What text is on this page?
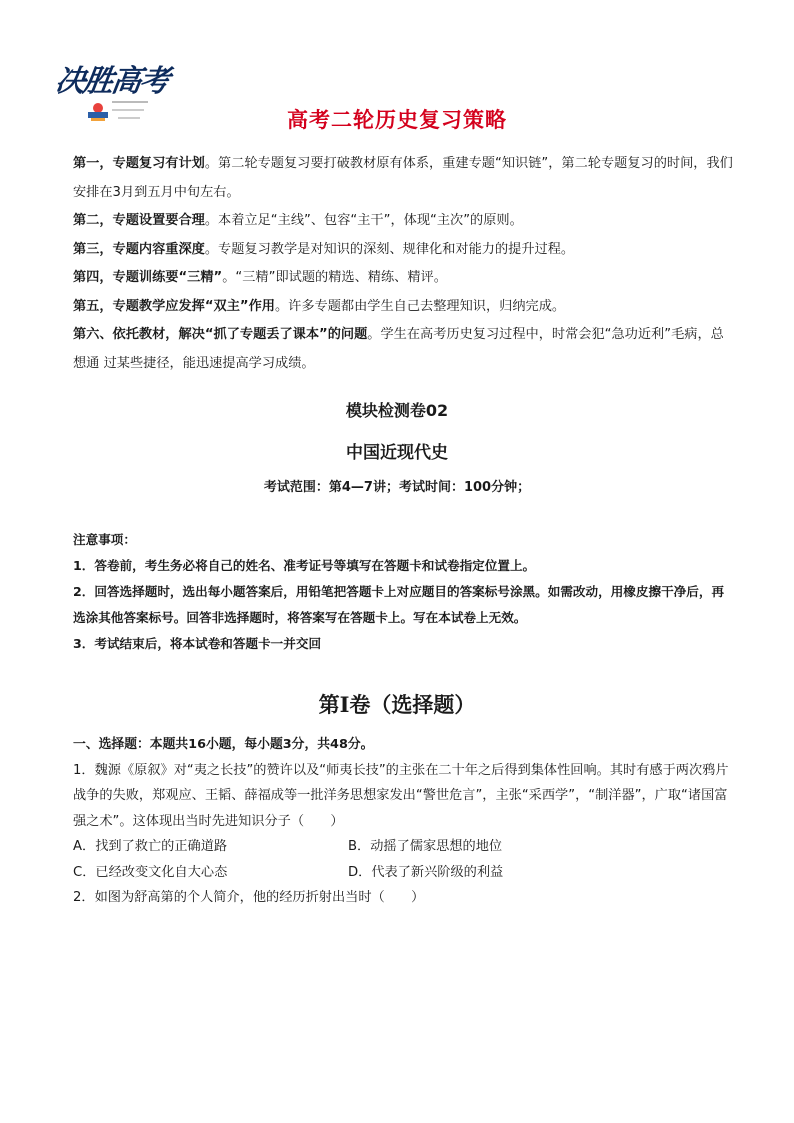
决胜高考
高考二轮历史复习策略

第一，专题复习有计划。第二轮专题复习要打破教材原有体系，重建专题“知识链”，第二轮专题复习的时间，我们安排在3月到五月中旬左右。

第二，专题设置要合理。本着立足“主线”、包容“主干”，体现“主次”的原则。

第三，专题内容重深度。专题复习教学是对知识的深刻、规律化和对能力的提升过程。

第四，专题训练要“三精”。“三精”即试题的精选、精练、精评。

第五，专题教学应发挥“双主”作用。许多专题都由学生自己去整理知识，归纳完成。

第六、依托教材，解决“抓了专题丢了课本”的问题。学生在高考历史复习过程中，时常会犯“急功近利”毛病，总想通 过某些捷径，能迅速提高学习成绩。

模块检测卷02
中国近现代史
考试范围：第4—7讲；考试时间：100分钟；

注意事项：

1．答卷前，考生务必将自己的姓名、准考证号等填写在答题卡和试卷指定位置上。

2．回答选择题时，选出每小题答案后，用铅笔把答题卡上对应题目的答案标号涂黑。如需改动，用橡皮擦干净后，再选涂其他答案标号。回答非选择题时，将答案写在答题卡上。写在本试卷上无效。

3．考试结束后，将本试卷和答题卡一并交回

第I卷（选择题）

一、选择题：本题共16小题，每小题3分，共48分。

1．魏源《原叙》对“夷之长技”的赞许以及“师夷长技”的主张在二十年之后得到集体性回响。其时有感于两次鸦片战争的失败，郑观应、王韬、薛福成等一批洋务思想家发出“警世危言”，主张“采西学”，“制洋器”，广取“诸国富强之术”。这体现出当时先进知识分子（　　）

A．找到了救亡的正确道路	B．动摇了儒家思想的地位
C．已经改变文化自大心态	D．代表了新兴阶级的利益

2．如图为舒高第的个人简介，他的经历折射出当时（　　）
